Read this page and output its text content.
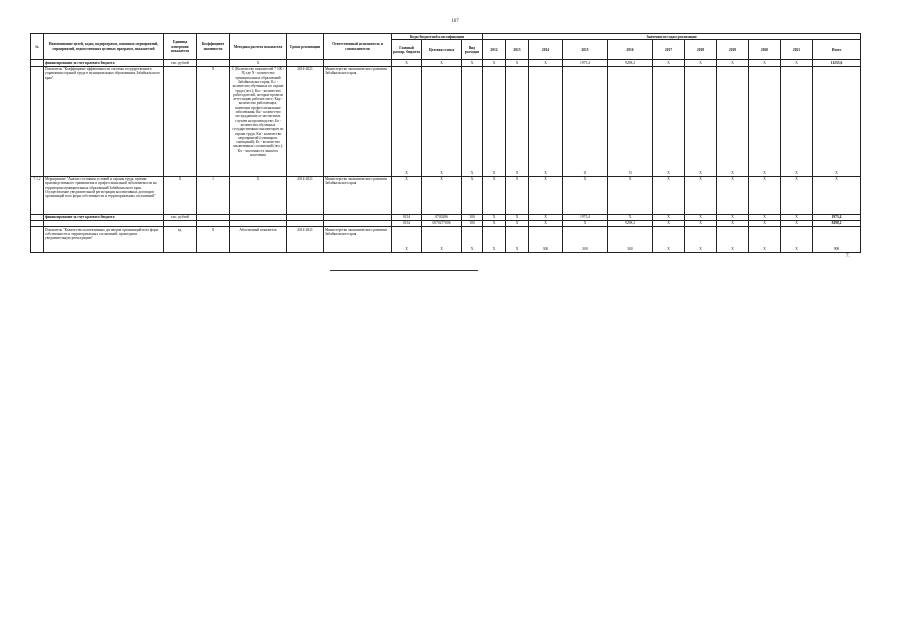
167
№	Наименование целей, задач, подпрограмм, основных мероприятий, мероприятий, ведомственных целевых программ, показателей	Единица измерения показателя	Коэффициент значимости	Методика расчета показателя	Сроки реализации	Ответственный исполнитель и соисполнители	Коды бюджетной классификации			Значения по годам реализации										
							Главный распор. бюджета	Целевая статья	Вид расходов	2012	2013	2014	2015	2016	2017	2018	2019	2020	2021	Итого
	финансирование за счет краевого бюджета	тыс. рублей		Х			Х	Х	Х	Х	Х	Х	1975,4	9298,2	Х	Х	Х	Х	Х	11253,6
	Показатель "Коэффициент эффективности системы государственного управления охраной труда в муниципальных образованиях Забайкальского края"		Х	С (Количество показателей * 100 / N) где N - количество муниципальных образований Забайкальского края; К.с - количество обученных по охране труда (чел.); Кос - количество работодателей, которые провели аттестацию рабочих мест; Ккр - количество работающих, имеющих профессиональные заболевания; Кн - количество пострадавших от несчастных случаев на производстве; Бп - количество обученных государственных инспекторов по охране труда; Км - количество мероприятий (семинаров, совещаний); Кс - количество заключенных соглашений (чел.); Кч - численность занятого населения	2014-2021	Министерство экономического развития Забайкальского края	Х	Х	Х	Х	Х	Х	11	13	Х	Х	Х	Х	Х	Х
7.1.2	Мероприятие "Анализ состояния условий и охраны труда, причин производственного травматизма и профессиональной заболеваемости на территории муниципальных образований Забайкальского края. Осуществление уведомительной регистрации коллективных договоров организаций всех форм собственности и территориальных соглашений"	Х	1	Х	2014-2021	Министерство экономического развития Забайкальского края	Х	Х	Х	Х	Х	Х	Х	Х	Х	Х	Х	Х	Х	Х
	финансирование за счет краевого бюджета	тыс. рублей					0154	0740286	100	Х	Х	Х	1975,4	Х	Х	Х	Х	Х	Х	1975,4
							0154	0070277006	100	Х	Х	Х	Х	9298,2	Х	Х	Х	Х	Х	9298,2
	Показатель "Количество коллективных договоров организаций всех форм собственности и территориальных соглашений, прошедших уведомительную регистрацию"	ед.	Х	Абсолютный показатель	2014-2021	Министерство экономического развития Забайкальского края	Х	Х	Х	Х	Х	300	300	300	Х	Х	Х	Х	Х	900
7.
